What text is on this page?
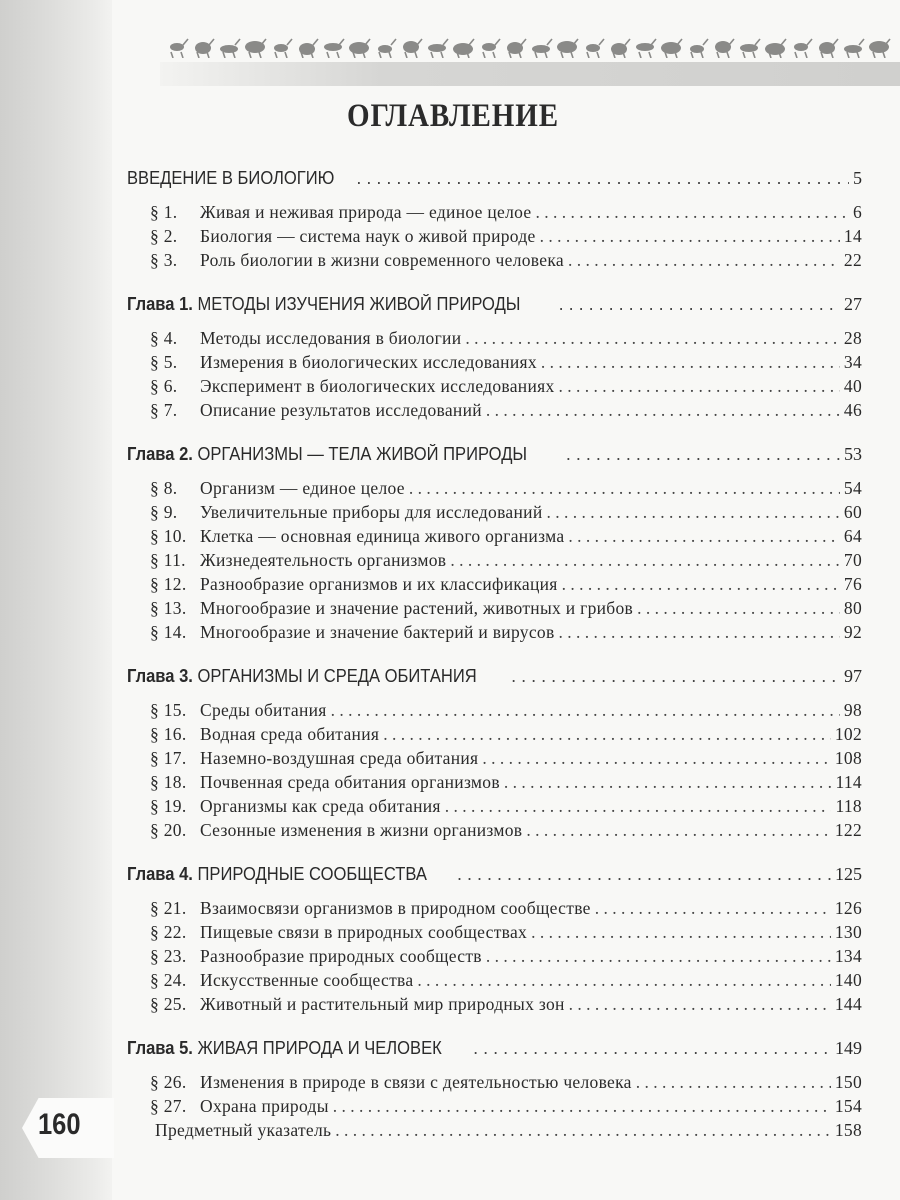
ОГЛАВЛЕНИЕ
ВВЕДЕНИЕ В БИОЛОГИЮ . . .	5
§ 1.	Живая и неживая природа — единое целое . . .	6
§ 2.	Биология — система наук о живой природе . . .	14
§ 3.	Роль биологии в жизни современного человека . . .	22
Глава 1. МЕТОДЫ ИЗУЧЕНИЯ ЖИВОЙ ПРИРОДЫ . . .	27
§ 4.	Методы исследования в биологии . . .	28
§ 5.	Измерения в биологических исследованиях . . .	34
§ 6.	Эксперимент в биологических исследованиях . . .	40
§ 7.	Описание результатов исследований . . .	46
Глава 2. ОРГАНИЗМЫ — ТЕЛА ЖИВОЙ ПРИРОДЫ . . .	53
§ 8.	Организм — единое целое . . .	54
§ 9.	Увеличительные приборы для исследований . . .	60
§ 10. Клетка — основная единица живого организма . . .	64
§ 11. Жизнедеятельность организмов . . .	70
§ 12. Разнообразие организмов и их классификация . . .	76
§ 13. Многообразие и значение растений, животных и грибов . . .	80
§ 14. Многообразие и значение бактерий и вирусов . . .	92
Глава 3. ОРГАНИЗМЫ И СРЕДА ОБИТАНИЯ . . .	97
§ 15. Среды обитания . . .	98
§ 16. Водная среда обитания . . .	102
§ 17. Наземно-воздушная среда обитания . . .	108
§ 18. Почвенная среда обитания организмов . . .	114
§ 19. Организмы как среда обитания . . .	118
§ 20. Сезонные изменения в жизни организмов . . .	122
Глава 4. ПРИРОДНЫЕ СООБЩЕСТВА . . .	125
§ 21. Взаимосвязи организмов в природном сообществе . . .	126
§ 22. Пищевые связи в природных сообществах . . .	130
§ 23. Разнообразие природных сообществ . . .	134
§ 24. Искусственные сообщества . . .	140
§ 25. Животный и растительный мир природных зон . . .	144
Глава 5. ЖИВАЯ ПРИРОДА И ЧЕЛОВЕК . . .	149
§ 26. Изменения в природе в связи с деятельностью человека . . .	150
§ 27. Охрана природы . . .	154
Предметный указатель . . .	158
160
